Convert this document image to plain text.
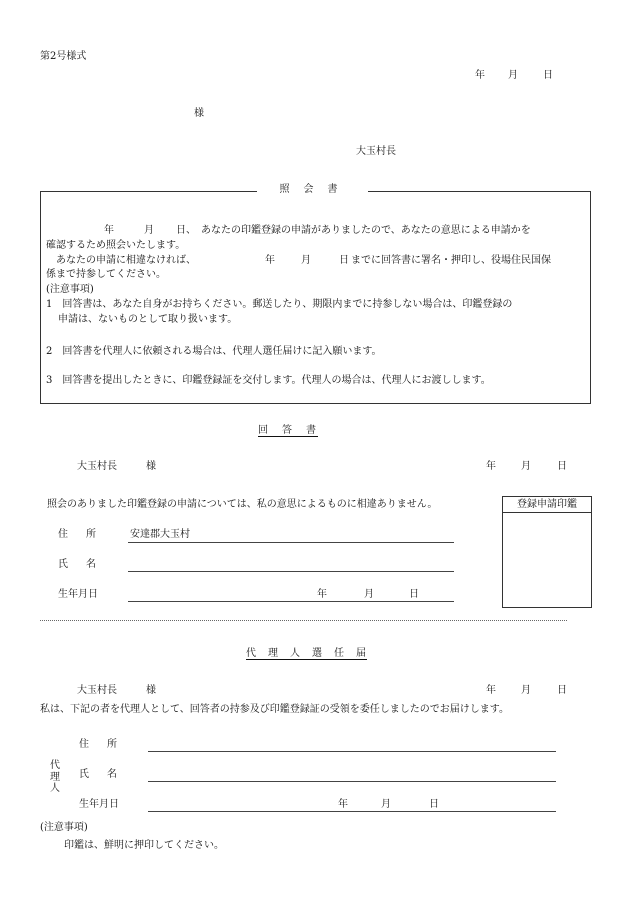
第2号様式
年 月	日
様
大玉村長
照会書
年	月 日、 あなたの印鑑登録の申請がありましたので、あなたの意思による申請かを
確認するため照会いたします。
あなたの申請に相違なければ、	年	月	日 までに回答書に署名・押印し、役場住民国保
係まで持参してください。
(注意事項)
1　回答書は、あなた自身がお持ちください。郵送したり、期限内までに持参しない場合は、印鑑登録の
申請は、ないものとして取り扱います。
2　回答書を代理人に依頼される場合は、代理人選任届けに記入願います。
3　回答書を提出したときに、印鑑登録証を交付します。代理人の場合は、代理人にお渡しします。
回　答　書
大玉村長	様	年	月	日
照会のありました印鑑登録の申請については、私の意思によるものに相違ありません。	登録申請印鑑
住　所	安達郡大玉村
氏　名
生年月日	年	月	日
代　理　人　選　任　届
大玉村長	様	年	月	日
私は、下記の者を代理人として、回答者の持参及び印鑑登録証の受領を委任しましたのでお届けします。
代理人
住　所
氏　名
生年月日	年	月	日
(注意事項)
印鑑は、鮮明に押印してください。
